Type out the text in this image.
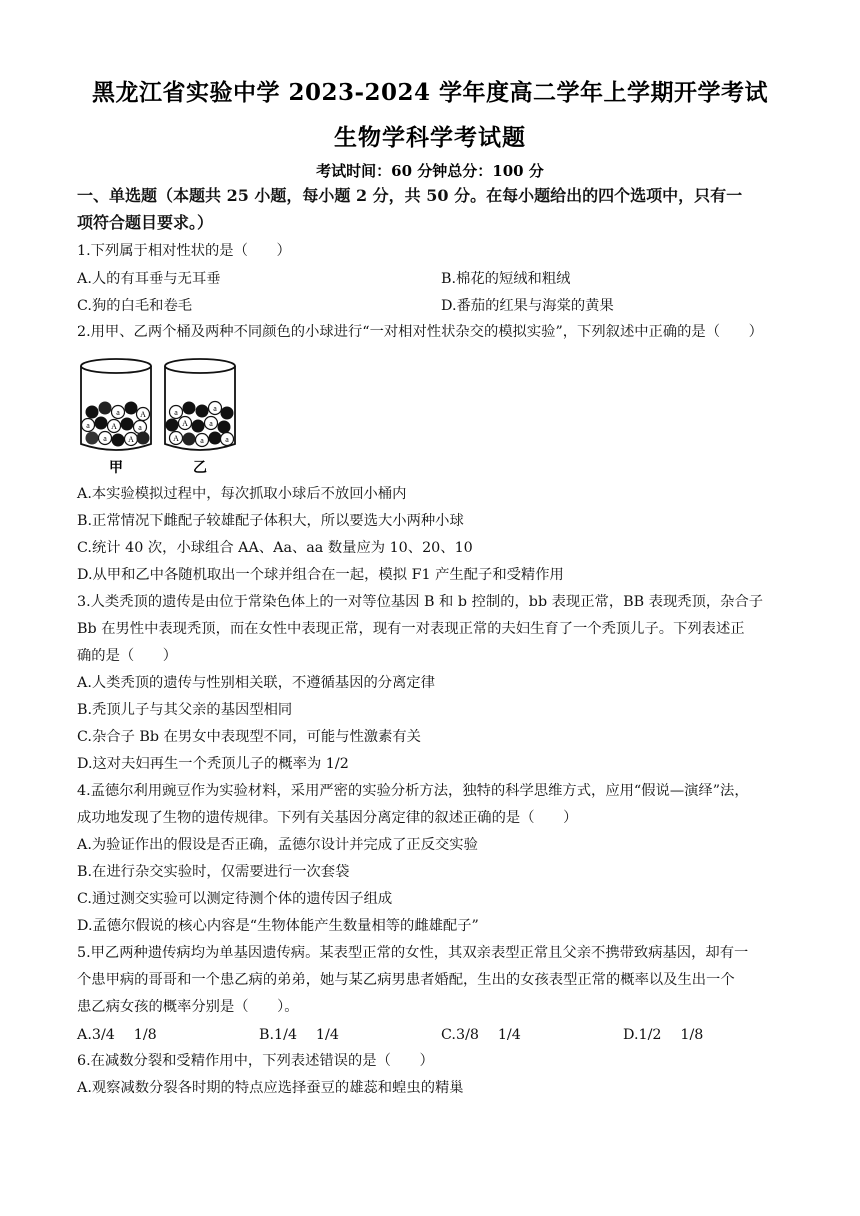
黑龙江省实验中学 2023-2024 学年度高二学年上学期开学考试
生物学科学考试题
考试时间：60 分钟总分：100 分
一、单选题（本题共 25 小题，每小题 2 分，共 50 分。在每小题给出的四个选项中，只有一
项符合题目要求。）
1.下列属于相对性状的是（　　）
A.人的有耳垂与无耳垂	B.棉花的短绒和粗绒
C.狗的白毛和卷毛	D.番茄的红果与海棠的黄果
2.用甲、乙两个桶及两种不同颜色的小球进行“一对相对性状杂交的模拟实验”，下列叙述中正确的是（　　）
a	A
a	A	a
a	A
a	a
A	a
A	a	a
甲	乙
A.本实验模拟过程中，每次抓取小球后不放回小桶内
B.正常情况下雌配子较雄配子体积大，所以要选大小两种小球
C.统计 40 次，小球组合 AA、Aa、aa 数量应为 10、20、10
D.从甲和乙中各随机取出一个球并组合在一起，模拟 F1 产生配子和受精作用
3.人类秃顶的遗传是由位于常染色体上的一对等位基因 B 和 b 控制的，bb 表现正常，BB 表现秃顶，杂合子
Bb 在男性中表现秃顶，而在女性中表现正常，现有一对表现正常的夫妇生育了一个秃顶儿子。下列表述正
确的是（　　）
A.人类秃顶的遗传与性别相关联，不遵循基因的分离定律
B.秃顶儿子与其父亲的基因型相同
C.杂合子 Bb 在男女中表现型不同，可能与性激素有关
D.这对夫妇再生一个秃顶儿子的概率为 1/2
4.孟德尔利用豌豆作为实验材料，采用严密的实验分析方法，独特的科学思维方式，应用“假说—演绎”法，
成功地发现了生物的遗传规律。下列有关基因分离定律的叙述正确的是（　　）
A.为验证作出的假设是否正确，孟德尔设计并完成了正反交实验
B.在进行杂交实验时，仅需要进行一次套袋
C.通过测交实验可以测定待测个体的遗传因子组成
D.孟德尔假说的核心内容是“生物体能产生数量相等的雌雄配子”
5.甲乙两种遗传病均为单基因遗传病。某表型正常的女性，其双亲表型正常且父亲不携带致病基因，却有一
个患甲病的哥哥和一个患乙病的弟弟，她与某乙病男患者婚配，生出的女孩表型正常的概率以及生出一个
患乙病女孩的概率分别是（　　）。
A.3/4　 1/8	B.1/4　 1/4	C.3/8　 1/4	D.1/2　 1/8
6.在减数分裂和受精作用中，下列表述错误的是（　　）
A.观察减数分裂各时期的特点应选择蚕豆的雄蕊和蝗虫的精巢
